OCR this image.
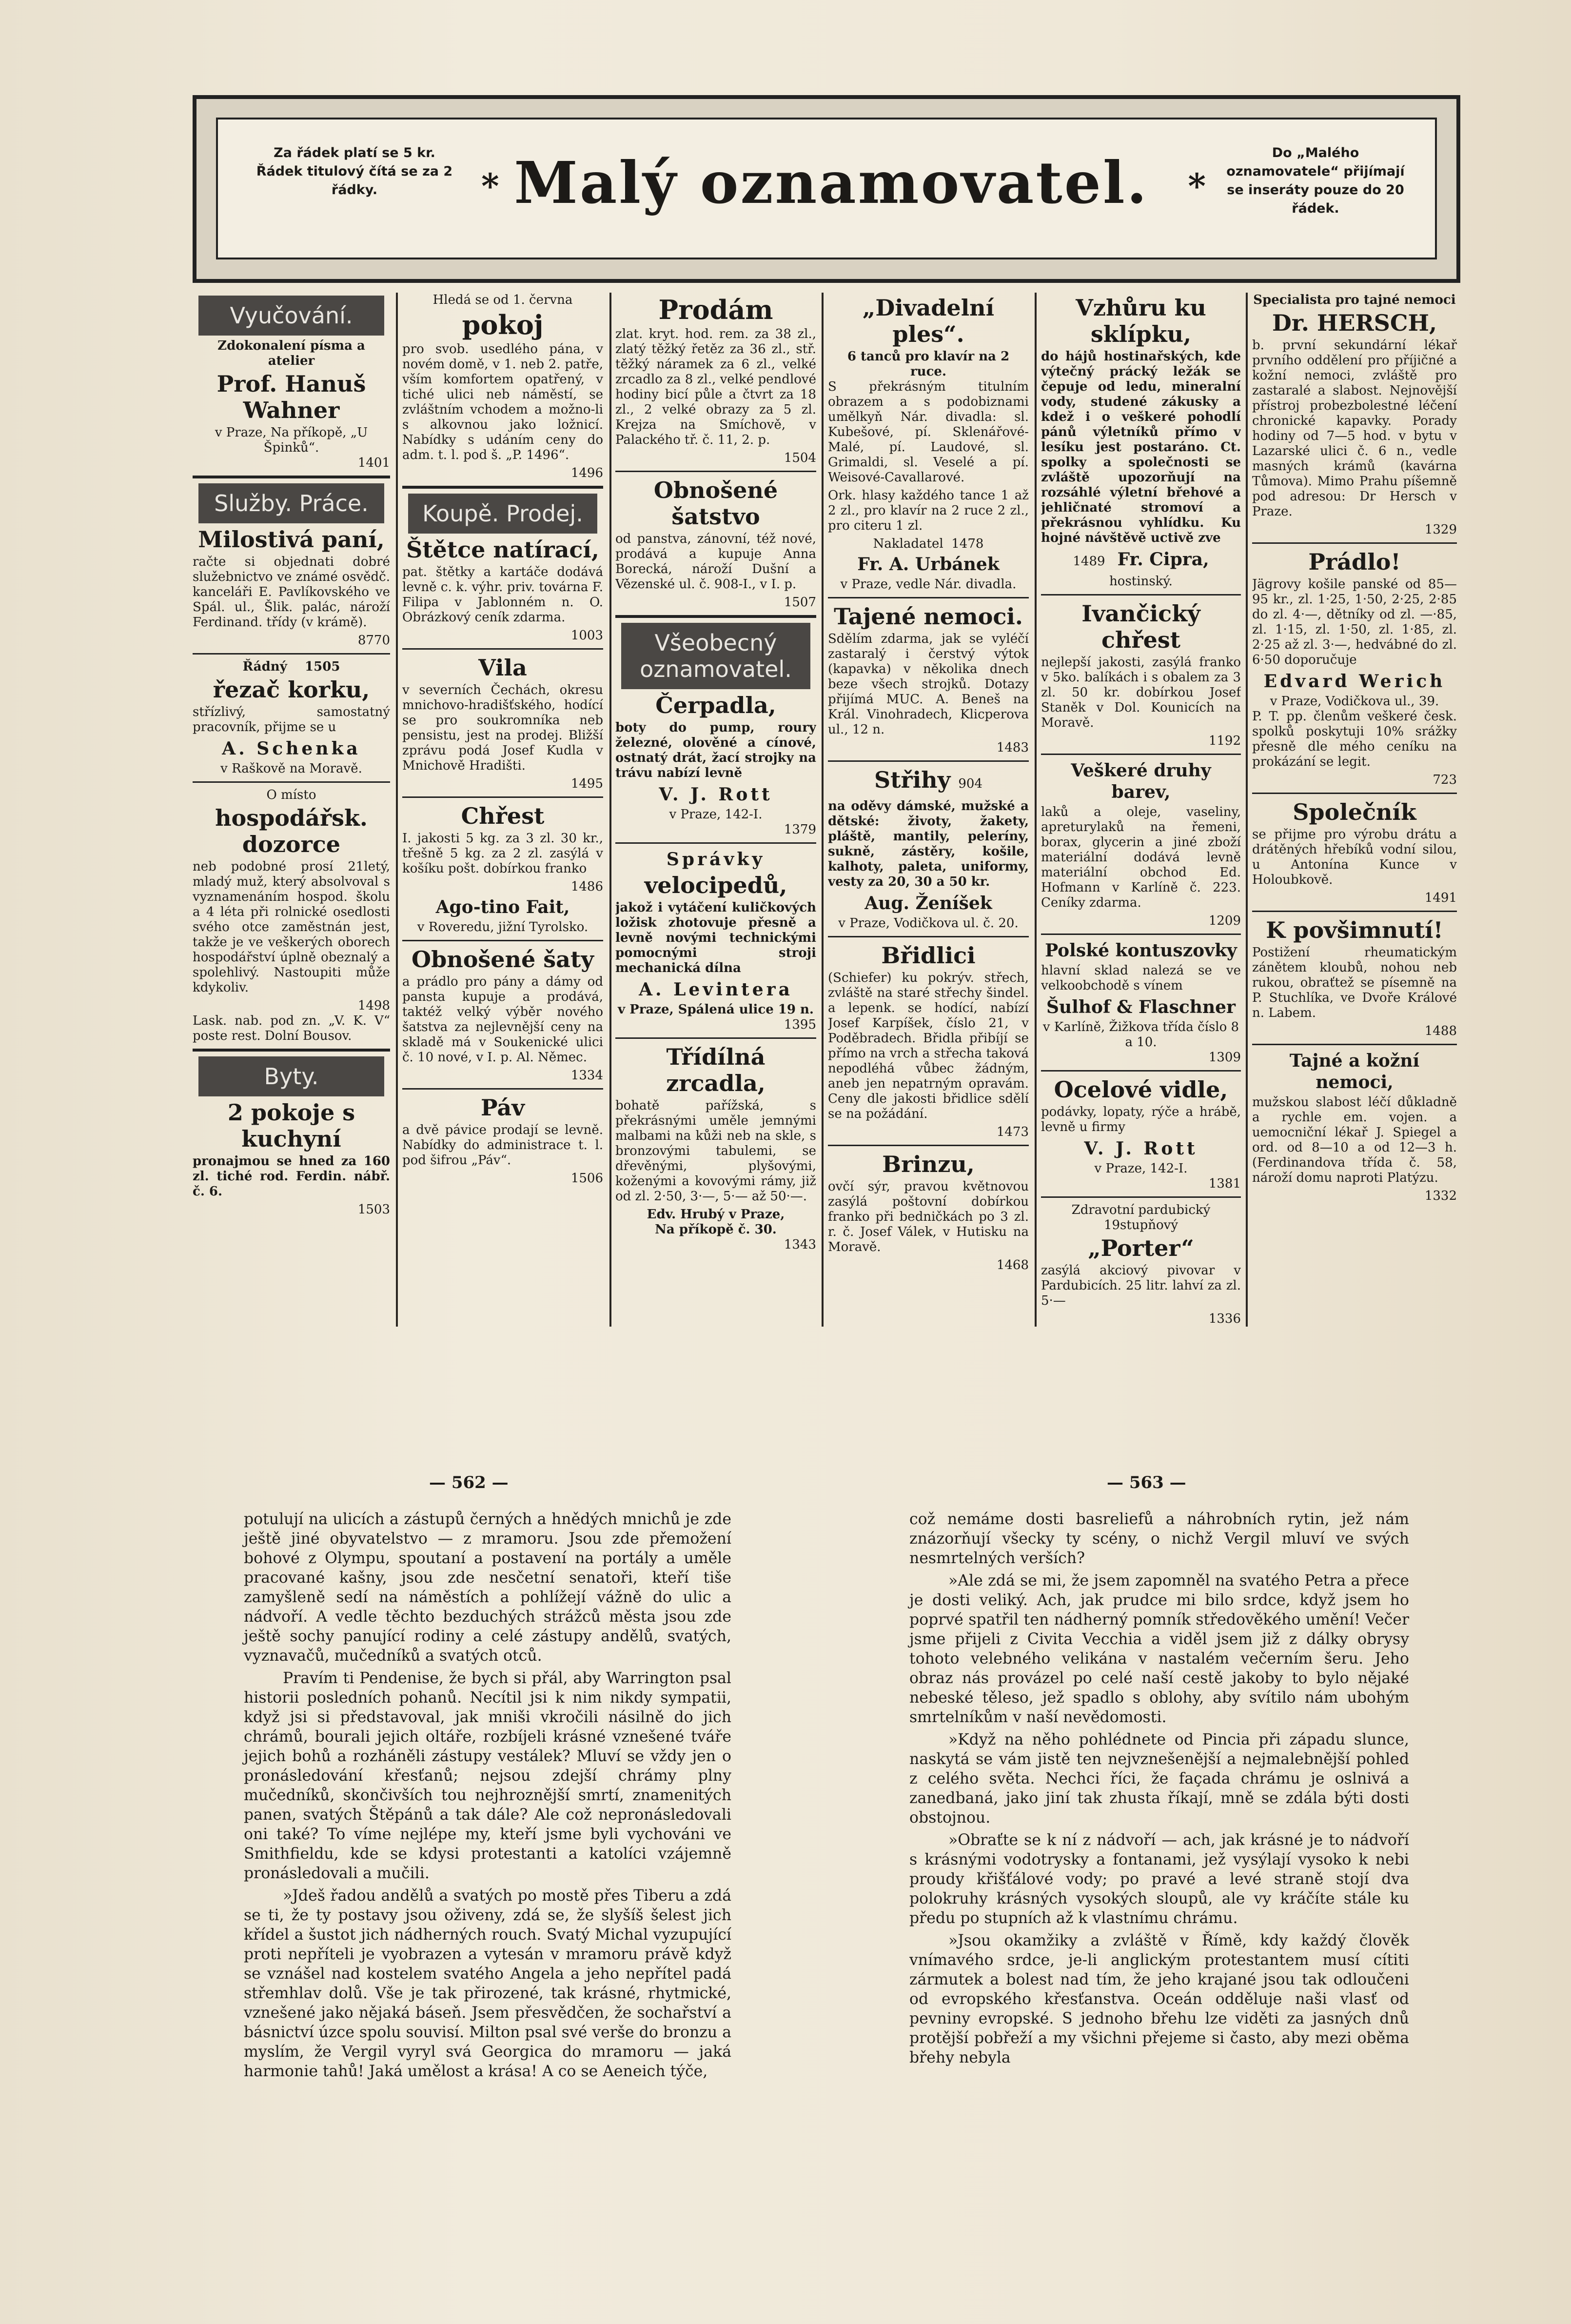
Za řádek platí se 5 kr. Řádek titulový čítá se za 2 řádky.	* Malý oznamovatel.	*
Do „Malého oznamovatele“ přijímají se inseráty pouze do 20 řádek.
Vyučování.
Zdokonalení písma a atelier
Prof. Hanuš Wahner
v Praze, Na příkopě, „U Špinků“.
1401
Služby. Práce.
Milostivá paní,

račte si objednati dobré služebnictvo ve známé osvědč. kanceláři E. Pavlíkovského ve Spál. ul., Šlik. palác, nároží Ferdinand. třídy (v krámě).

8770
Řádný 1505
řezač korku,

střízlivý, samostatný pracovník, přijme se u

A. Schenka
v Raškově na Moravě.
O místo
hospodářsk. dozorce

neb podobné prosí 21letý, mladý muž, který absolvoval s vyznamenáním hospod. školu a 4 léta při rolnické osedlosti svého otce zaměstnán jest, takže je ve veškerých oborech hospodářství úplně obeznalý a spolehlivý. Nastoupiti může kdykoliv.

1498

Lask. nab. pod zn. „V. K. V“ poste rest. Dolní Bousov.

Byty.
2 pokoje s kuchyní

pronajmou se hned za 160 zl. tiché rod. Ferdin. nábř. č. 6.

1503
Hledá se od 1. června
pokoj

pro svob. usedlého pána, v novém domě, v 1. neb 2. patře, vším komfortem opatřený, v tiché ulici neb náměstí, se zvláštním vchodem a možno-li s alkovnou jako ložnicí. Nabídky s udáním ceny do adm. t. l. pod š. „P. 1496“.

1496
Koupě. Prodej.
Štětce natírací,

pat. štětky a kartáče dodává levně c. k. výhr. priv. továrna F. Filipa v Jablonném n. O. Obrázkový ceník zdarma.

1003
Vila

v severních Čechách, okresu mnichovo-hradišťského, hodící se pro soukromníka neb pensistu, jest na prodej. Bližší zprávu podá Josef Kudla v Mnichově Hradišti.

1495
Chřest

I. jakosti 5 kg. za 3 zl. 30 kr., třešně 5 kg. za 2 zl. zasýlá v košíku pošt. dobírkou franko

1486
Ago-tino Fait,
v Roveredu, jižní Tyrolsko.
Obnošené šaty

a prádlo pro pány a dámy od pansta kupuje a prodává, taktéž velký výběr nového šatstva za nejlevnější ceny na skladě má v Soukenické ulici č. 10 nové, v I. p. Al. Němec.

1334
Páv

a dvě pávice prodají se levně. Nabídky do administrace t. l. pod šifrou „Páv“.

1506
Prodám

zlat. kryt. hod. rem. za 38 zl., zlatý těžký řetěz za 36 zl., stř. těžký náramek za 6 zl., velké zrcadlo za 8 zl., velké pendlové hodiny bicí půle a čtvrt za 18 zl., 2 velké obrazy za 5 zl. Krejza na Smíchově, v Palackého tř. č. 11, 2. p.

1504
Obnošené šatstvo

od panstva, zánovní, též nové, prodává a kupuje Anna Borecká, nároží Dušní a Vězenské ul. č. 908-I., v I. p.

1507
Všeobecný oznamovatel.
Čerpadla,

boty do pump, roury železné, olověné a cínové, ostnatý drát, žací strojky na trávu nabízí levně

V. J. Rott
v Praze, 142-I.
1379
Správky
velocipedů,

jakož i vytáčení kuličkových ložisk zhotovuje přesně a levně novými technickými pomocnými stroji mechanická dílna

A. Levintera
v Praze, Spálená ulice 19 n.
1395
Třídílná zrcadla,

bohatě pařížská, s překrásnými uměle jemnými malbami na kůži neb na skle, s bronzovými tabulemi, se dřevěnými, plyšovými, koženými a kovovými rámy, již od zl. 2·50, 3·—, 5·— až 50·—.

Edv. Hrubý v Praze,
Na příkopě č. 30.
1343
„Divadelní ples“.
6 tanců pro klavír na 2 ruce.

S překrásným titulním obrazem a s podobiznami umělkyň Nár. divadla: sl. Kubešové, pí. Sklenářové-Malé, pí. Laudové, sl. Grimaldi, sl. Veselé a pí. Weisové-Cavallarové.

Ork. hlasy každého tance 1 až 2 zl., pro klavír na 2 ruce 2 zl., pro citeru 1 zl.

Nakladatel 1478
Fr. A. Urbánek
v Praze, vedle Nár. divadla.
Tajené nemoci.

Sdělím zdarma, jak se vyléčí zastaralý i čerstvý výtok (kapavka) v několika dnech beze všech strojků. Dotazy přijímá MUC. A. Beneš na Král. Vinohradech, Klicperova ul., 12 n.

1483
Střihy 904

na oděvy dámské, mužské a dětské: životy, žakety, pláště, mantily, peleríny, sukně, zástěry, košile, kalhoty, paleta, uniformy, vesty za 20, 30 a 50 kr.

Aug. Ženíšek
v Praze, Vodičkova ul. č. 20.
Břidlici

(Schiefer) ku pokrýv. střech, zvláště na staré střechy šindel. a lepenk. se hodící, nabízí Josef Karpíšek, číslo 21, v Poděbradech. Břidla přibíjí se přímo na vrch a střecha taková nepodléhá vůbec žádným, aneb jen nepatrným opravám. Ceny dle jakosti břidlice sdělí se na požádání.

1473
Brinzu,

ovčí sýr, pravou květnovou zasýlá poštovní dobírkou franko při bedničkách po 3 zl. r. č. Josef Válek, v Hutisku na Moravě.

1468
Vzhůru ku sklípku,

do hájů hostinařských, kde výtečný prácký ležák se čepuje od ledu, mineralní vody, studené zákusky a kdež i o veškeré pohodlí pánů výletníků přímo v lesíku jest postaráno. Ct. spolky a společnosti se zvláště upozorňují na rozsáhlé výletní břehové a jehličnaté stromoví a překrásnou vyhlídku. Ku hojné návštěvě uctivě zve

1489 Fr. Cipra,
hostinský.
Ivančický chřest

nejlepší jakosti, zasýlá franko v 5ko. balíkách i s obalem za 3 zl. 50 kr. dobírkou Josef Staněk v Dol. Kounicích na Moravě.

1192
Veškeré druhy barev,

laků a oleje, vaseliny, apreturylaků na řemeni, borax, glycerin a jiné zboží materiální dodává levně materiální obchod Ed. Hofmann v Karlíně č. 223. Ceníky zdarma.

1209
Polské kontuszovky

hlavní sklad nalezá se ve velkoobchodě s vínem

Šulhof & Flaschner
v Karlíně, Žižkova třída číslo 8 a 10.
1309
Ocelové vidle,

podávky, lopaty, rýče a hrábě, levně u firmy

V. J. Rott
v Praze, 142-I.
1381
Zdravotní pardubický 19stupňový
„Porter“

zasýlá akciový pivovar v Pardubicích. 25 litr. lahví za zl. 5·—

1336
Specialista pro tajné nemoci
Dr. HERSCH,

b. první sekundární lékař prvního oddělení pro příjičné a kožní nemoci, zvláště pro zastaralé a slabost. Nejnovější přístroj probezbolestné léčení chronické kapavky. Porady hodiny od 7—5 hod. v bytu v Lazarské ulici č. 6 n., vedle masných krámů (kavárna Tůmova). Mimo Prahu píšemně pod adresou: Dr Hersch v Praze.

1329
Prádlo!

Jägrovy košile panské od 85—95 kr., zl. 1·25, 1·50, 2·25, 2·85 do zl. 4·—, dětníky od zl. —·85, zl. 1·15, zl. 1·50, zl. 1·85, zl. 2·25 až zl. 3·—, hedvábné do zl. 6·50 doporučuje

Edvard Werich
v Praze, Vodičkova ul., 39.

P. T. pp. členům veškeré česk. spolků poskytuji 10% srážky přesně dle mého ceníku na prokázání se legit.

723
Společník

se přijme pro výrobu drátu a drátěných hřebíků vodní silou, u Antonína Kunce v Holoubkově.

1491
K povšimnutí!

Postižení rheumatickým zánětem kloubů, nohou neb rukou, obraťtež se písemně na P. Stuchlíka, ve Dvoře Králové n. Labem.

1488
Tajné a kožní nemoci,

mužskou slabost léčí důkladně a rychle em. vojen. a uemocniční lékař J. Spiegel a ord. od 8—10 a od 12—3 h. (Ferdinandova třída č. 58, nároží domu naproti Platýzu.

1332
— 562 —	— 563 —

potulují na ulicích a zástupů černých a hnědých mnichů je zde ještě jiné obyvatelstvo — z mramoru. Jsou zde přemožení bohové z Olympu, spoutaní a postavení na portály a uměle pracované kašny, jsou zde nesčetní senatoři, kteří tiše zamyšleně sedí na náměstích a pohlížejí vážně do ulic a nádvoří. A vedle těchto bezduchých strážců města jsou zde ještě sochy panující rodiny a celé zástupy andělů, svatých, vyznavačů, mučedníků a svatých otců.

Pravím ti Pendenise, že bych si přál, aby Warrington psal historii posledních pohanů. Necítil jsi k nim nikdy sympatii, když jsi si představoval, jak mniši vkročili násilně do jich chrámů, bourali jejich oltáře, rozbíjeli krásné vznešené tváře jejich bohů a rozháněli zástupy vestálek? Mluví se vždy jen o pronásledování křesťanů; nejsou zdejší chrámy plny mučedníků, skončivších tou nejhroznější smrtí, znamenitých panen, svatých Štěpánů a tak dále? Ale což nepronásledovali oni také? To víme nejlépe my, kteří jsme byli vychováni ve Smithfieldu, kde se kdysi protestanti a katolíci vzájemně pronásledovali a mučili.

»Jdeš řadou andělů a svatých po mostě přes Tiberu a zdá se ti, že ty postavy jsou oživeny, zdá se, že slyšíš šelest jich křídel a šustot jich nádherných rouch. Svatý Michal vyzupující proti nepříteli je vyobrazen a vytesán v mramoru právě když se vznášel nad kostelem svatého Angela a jeho nepřítel padá střemhlav dolů. Vše je tak přirozené, tak krásné, rhytmické, vznešené jako nějaká báseň. Jsem přesvědčen, že sochařství a básnictví úzce spolu souvisí. Milton psal své verše do bronzu a myslím, že Vergil vyryl svá Georgica do mramoru — jaká harmonie tahů! Jaká umělost a krása! A co se Aeneich týče,

což nemáme dosti basreliefů a náhrobních rytin, jež nám znázorňují všecky ty scény, o nichž Vergil mluví ve svých nesmrtelných verších?

»Ale zdá se mi, že jsem zapomněl na svatého Petra a přece je dosti veliký. Ach, jak prudce mi bilo srdce, když jsem ho poprvé spatřil ten nádherný pomník středověkého umění! Večer jsme přijeli z Civita Vecchia a viděl jsem již z dálky obrysy tohoto velebného velikána v nastalém večerním šeru. Jeho obraz nás provázel po celé naší cestě jakoby to bylo nějaké nebeské těleso, jež spadlo s oblohy, aby svítilo nám ubohým smrtelníkům v naší nevědomosti.

»Když na něho pohlédnete od Pincia při západu slunce, naskytá se vám jistě ten nejvznešenější a nejmalebnější pohled z celého světa. Nechci říci, že façada chrámu je oslnivá a zanedbaná, jako jiní tak zhusta říkají, mně se zdála býti dosti obstojnou.

»Obraťte se k ní z nádvoří — ach, jak krásné je to nádvoří s krásnými vodotrysky a fontanami, jež vysýlají vysoko k nebi proudy křišťálové vody; po pravé a levé straně stojí dva polokruhy krásných vysokých sloupů, ale vy kráčíte stále ku předu po stupních až k vlastnímu chrámu.

»Jsou okamžiky a zvláště v Římě, kdy každý člověk vnímavého srdce, je-li anglickým protestantem musí cítiti zármutek a bolest nad tím, že jeho krajané jsou tak odloučeni od evropského křesťanstva. Oceán odděluje naši vlasť od pevniny evropské. S jednoho břehu lze viděti za jasných dnů protější pobřeží a my všichni přejeme si často, aby mezi oběma břehy nebyla
